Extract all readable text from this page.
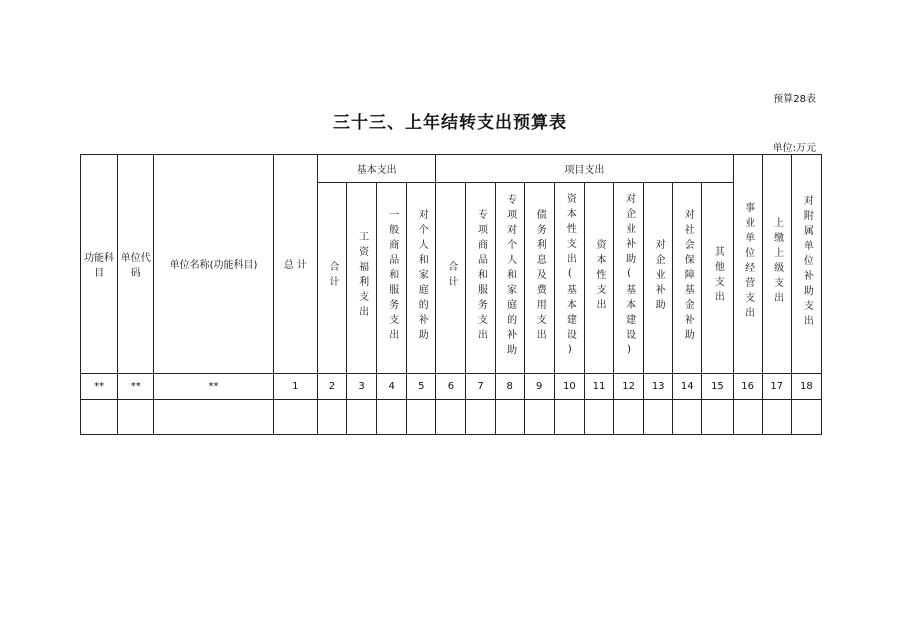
预算28表
三十三、上年结转支出预算表
单位:万元
功能科目	单位代码	单位名称(功能科目)	总 计	基本支出				项目支出										事业单位经营支出	上缴上级支出	对附属单位补助支出
				合计	工资福利支出	一般商品和服务支出	对个人和家庭的补助	合计	专项商品和服务支出	专项对个人和家庭的补助	债务利息及费用支出	资本性支出(基本建设)	资本性支出	对企业补助(基本建设)	对企业补助	对社会保障基金补助	其他支出			
**	**	**	1	2	3	4	5	6	7	8	9	10	11	12	13	14	15	16	17	18
